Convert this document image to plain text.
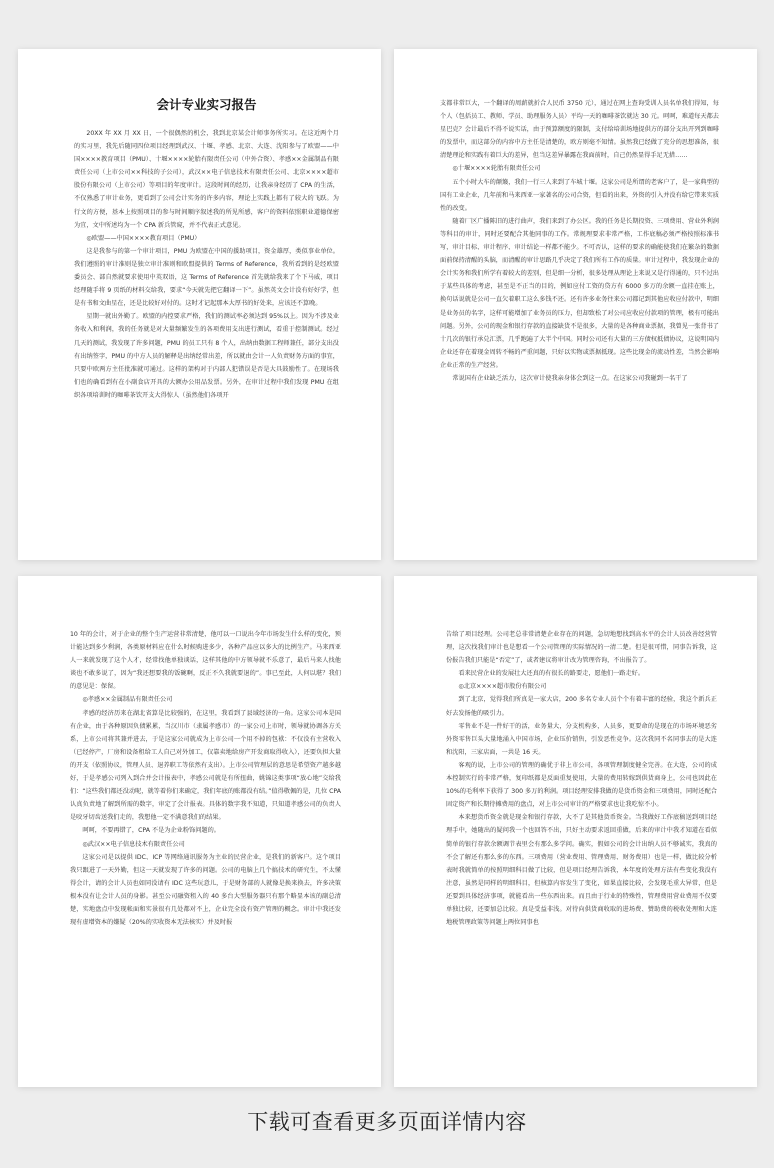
会计专业实习报告

20XX 年 XX 月 XX 日，一个很偶然的机会，我到北京某会计师事务所实习。在这近两个月的实习里，我先后随同四位项目经理到武汉、十堰、孝感、北京、大连、沈阳参与了欧盟——中国××××教育项目（PMU）、十堰××××轮胎有限责任公司（中外合资）、孝感××金属制品有限责任公司（上市公司××科技的子公司），武汉××电子信息技术有限责任公司、北京××××超市股份有限公司（上市公司）等项目的年度审计。这段时间的经历，让我亲身经历了 CPA 的生活，不仅熟悉了审计业务，更看到了公司会计实务的许多内容，理论上实践上都有了较大的飞跃。为行文的方便，基本上按照项目的参与时间顺序叙述我的所见所感，客户的资料依照职业道德保密为宜，文中所述均为一个 CPA 新兵管窥，并不代表正式意见。

◎欧盟——中国××××教育项目（PMU）

这是我参与的第一个审计项目，PMU 为欧盟在中国的援助项目，资金雄厚，类似事业单位。我们遵照的审计准则是独立审计准则和欧盟提供的 Terms of Reference，我所看到的是经欧盟委员会、部自然就要求使用中英双语，这 Terms of Reference 首先就给我来了个下马威，项目经理随手将 9 页纸的材料交给我，要求“今天就先把它翻译一下”。虽然英文会计没有好好学，但是有书和文曲星在，还是比较好对付的。这时才记起那本大厚书的好处来，应该还不算晚。

星期一就出外勤了。欧盟的内控要求严格，我们的测试率必须达到 95%以上。因为不涉及业务收入和利润，我的任务就是对大量频繁发生的各项费用支出进行测试，看重于控制测试。经过几天的测试，我发现了许多问题，PMU 的员工只有 8 个人，出纳由数据工程师兼任，部分支出没有出纳签字，PMU 的中方人员的解释是出纳经常出差，所以就由会计一人负责财务方面的事宜，只要中欧两方主任批准就可通过。这样的架构对于内部人犯错误是否是大具鼓励性了。在现场我们也的确看到有在小副食店开具的大额办公用品发票。另外，在审计过程中我们发现 PMU 在组织各项培训时的咖啡茶饮开支大得惊人（虽然他们各项开

支都非常巨大，一个翻译的周薪就折合人民币 3750 元），通过在网上查询受训人员名单我们得知，每个人（包括员工、教师、学员、助理服务人员）平均一天的咖啡茶饮就达 30 元。呵呵，难道每天都去星巴克？会计最后不得不说实话，由于预算额度的限制，支付给培训场地提供方的部分支出开列到咖啡的发票中，而这部分的内容中方主任是清楚的，欧方则毫不知情。虽然我已经做了充分的思想准备，很清楚理论和实践有着巨大的差异，但当这差异暴露在我面前时，自己仍然显得手足无措……

◎十堰××××轮胎有限责任公司

五个小时大车的颠簸，我们一行三人来到了车城十堰。这家公司是所谓的老客户了，是一家典型的国有工业企业，几年前和马来西亚一家著名的公司合资，但看的出来，外资的引入并没有给它带来实质性的改变。

随着厂区广播陈旧的进行曲声，我们来到了办公区。我的任务是长期投资、三项费用、营业外利润等科目的审计，同时还要配合其他同事的工作。常规理要求非常严格，工作底稿必须严格按照标准书写，审计目标、审计程序、审计结论一样都不能少。不可否认，这样的要求的确能使我们在繁杂的数据面前保持清醒的头脑，而清醒的审计思路几乎决定了我们所有工作的质量。审计过程中，我发现企业的会计实务和我们所学有着较大的差别，但是细一分析，很多处理从理论上来说又是行得通的，只不过出于某些具体的考虑，甚至是不正当的目的，例如应付工资的贷方有 6000 多万的余额一直挂在账上，换句话说就是公司一直欠着职工这么多钱不还。还有许多业务往来公司都记到其他应收应付款中，明细是业务员的名字，这样可能增加了业务员的压力，但却致松了对公司应收应付款项的管理，极有可能出问题。另外，公司的现金和银行存款的直接缺货不是很多，大量的是各种商业票据，我曾见一张背书了十几次的银行承兑汇票，几乎跑遍了大半个中国。同时公司还有大量的三方债权抵债协议，这说明国内企业还存在着现金周转不畅的严重问题，只好以实物或票据抵现。这些比现金的流动性差，当然会影响企业正常的生产经营。

常说国有企业缺乏活力，这次审计使我亲身体会到这一点。在这家公司我碰到一名干了

10 年的会计，对于企业的整个生产运营非常清楚，他可以一口说出今年市场发生什么样的变化，预计能达到多少利润，各类原材料应在什么时候购进多少，各种产品应以多大的比例生产。马来西亚人一来就发现了这个人才，经常找他单独谈话，这样其他的中方领导就不乐意了，最后马来人找他谈也不敢多说了，因为“我还想要我的饭碗啊，反正不久我就要退的”。事已至此，人何以堪？我们的意见是：保留。

◎孝感××金属制品有限责任公司

孝感的经济历来在湖北省算是比较强的，在这里，我看到了县域经济的一角。这家公司本是国有企业，由于各种原因负债累累，当汉川市（隶属孝感市）的一家公司上市时，领导就协调各方关系，上市公司将其兼并进去，于是这家公司就成为上市公司一个用不掉的包袱：不仅没有主营收入（已经停产，厂房和设备租给工人自己对外加工，仅靠卖地给房产开发商取得收入），还要负担大量的开支（依照协议，管理人员、退养职工等依然有支出）。上市公司管理层的意思是希望资产越多越好，于是孝感公司列入到合并会计报表中，孝感公司就是有所扭曲，姚锦这类事项“放心地”交给我们：“这些我们都还没动呢，就等着你们来确定，我们年底的账都没有结。”值得敬佩的是，几位 CPA 认真负责地了解到所需的数字，审定了会计报表。具体的数字我不知道，只知道孝感公司的负责人是咬牙切齿送我们走的，我想他一定不满意我们的结果。

呵呵，不要再错了，CPA 不是为企业粉饰问题的。

◎武汉××电子信息技术有限责任公司

这家公司是以提供 IDC、ICP 等网络通讯服务为主业的民营企业，是我们的新客户。这个项目我只跟进了一天外勤，但这一天就发现了许多的问题。公司的电脑上几个搞技术的研究生，不太懂得会计，请的会计人员也如同没请有 IDC 这些玩意儿，于是财务部的人就像是换来换去，许多决策根本没有让会计人员的身影。甚至公司融资租入的 40 多台大型服务器只有那个略显本该的副总清楚，实地盘点中发现帐面和实景很有几处都对不上，企业完全没有资产管理的概念。审计中我还发现有虚增资本的嫌疑（20%的实收资本无法核实）并及时报

告给了项目经理。公司老总非常清楚企业存在的问题，急切地想找到高水平的会计人员改善经营管理，这次找我们审计也是想看一个公司管理的实际情况的一清二楚。但是很可惜，同事告诉我，这份报告我们只能是“否定”了，或者建议将审计改为管理咨询，不出报告了。

看来民营企业的发展壮大还真的有很长的路要走，愿他们一路走好。

◎北京××××超市股份有限公司

到了北京，觉得我们所真是一家大店，200 多名专业人员个个有着丰富的经验，我这个新兵正好去发扬他的吸引力。

零售业不是一件好干的活，业务量大，分支机构多，人员多，更要命的是现在的市场环境恶劣外资零售巨头大量地涌入中国市场，企业压价销售，引发恶性竞争。这次我同不名同事去的是大连和沈阳，三家店面，一共是 16 天。

客观的说，上市公司的管理的确优于非上市公司，各项管理制度健全完善。在大连，公司的成本控制实行的非常严格，复印纸都是反面重复使用，大量的费用转嫁到供货商身上，公司也因此在 10%的毛利率下获得了 300 多万的利润。项目经理安排我做的是货币资金和三项费用，同时还配合固定资产和长期待摊费用的盘点，对上市公司审计的严格要求也让我吃惊不小。

本来想货币资金就是现金和银行存款，大不了是其他货币资金。当我做好工作底稿送到项目经理手中，她随出的疑问我一个也回答不出，只好主动要求返回重做，后来的审计中我才知道在看似简单的银行存款余额调节表里会有那么多学问。确实，假如公司的会计出纳人员不够诚实，我真的不会了解还有那么多的东西。三项费用（营业费用、管理费用、财务费用）也是一样，做比较分析表时我就简单的按照明细科目做了比较，但是项目经理告诉我，本年度的处理方法有些变化我没有注意，虽然是同样的明细科目，但核算内容发生了变化，如果直接比较，会发现毛重大异常，但是还要到具体经济事项，就能看出一些东西出来。而且由于行业的特殊性，管理费用营业费用不仅要单独比较，还要加总比较。真是受益非浅。对待向供货商收取的进场费、赞助费的税收处理和大连地税管理政策等问题上两位同事也

下载可查看更多页面详情内容
